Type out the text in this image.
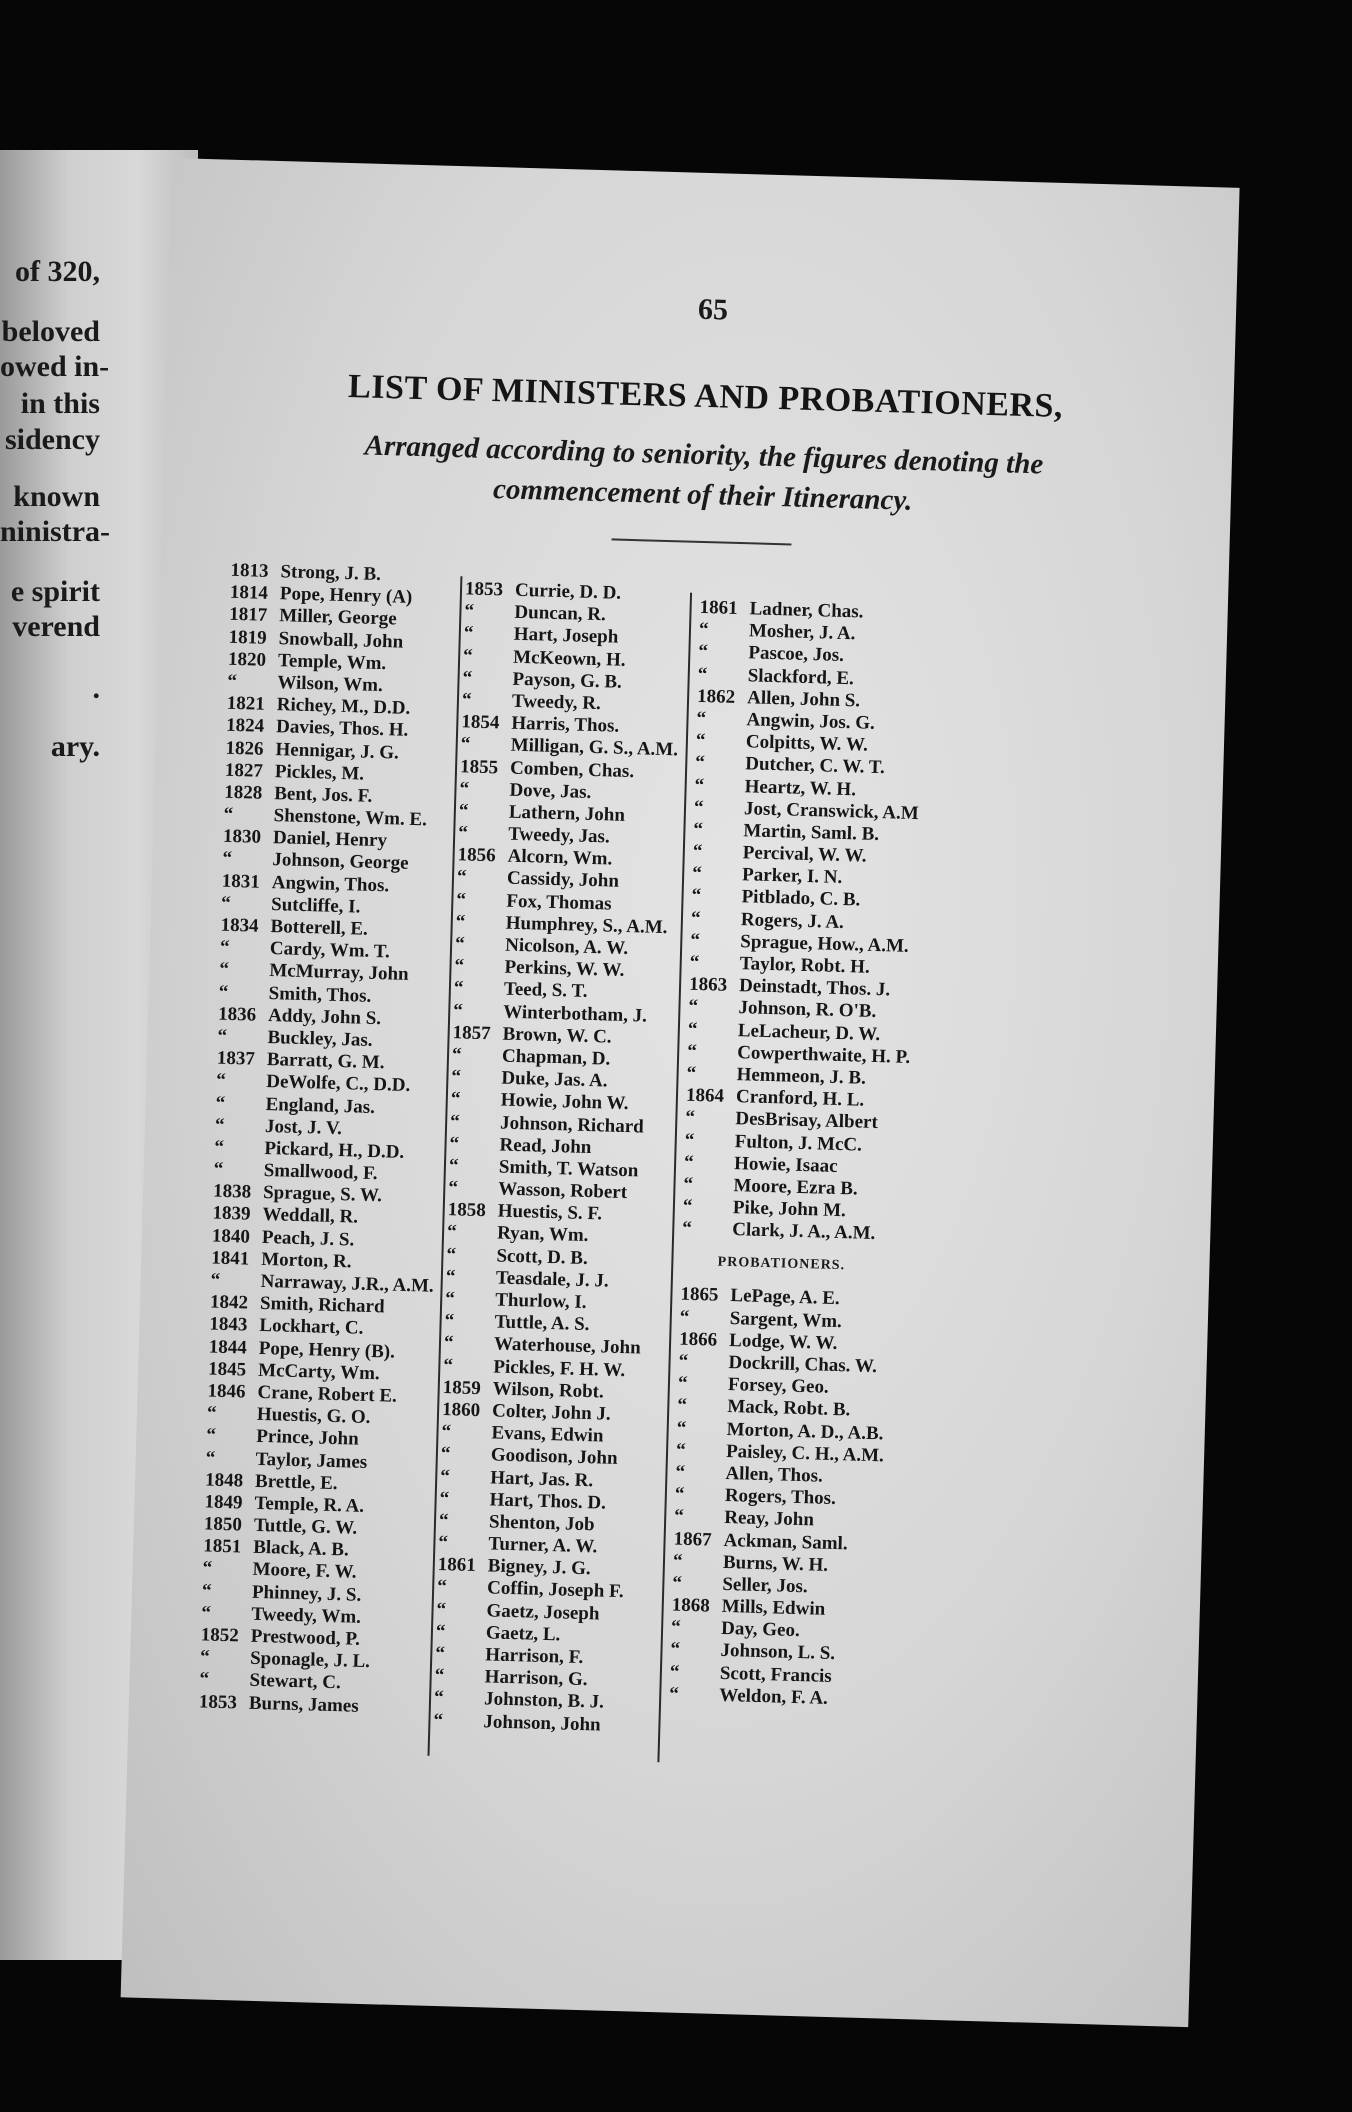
of 320,
beloved
owed in-
in this
sidency
known
ninistra-
e spirit
verend
.
ary.
65
LIST OF MINISTERS AND PROBATIONERS,
Arranged according to seniority, the figures denoting the
commencement of their Itinerancy.
1813 Strong, J. B.
1814 Pope, Henry (A)
1817 Miller, George
1819 Snowball, John
1820 Temple, Wm.
“ Wilson, Wm.
1821 Richey, M., D.D.
1824 Davies, Thos. H.
1826 Hennigar, J. G.
1827 Pickles, M.
1828 Bent, Jos. F.
“ Shenstone, Wm. E.
1830 Daniel, Henry
“ Johnson, George
1831 Angwin, Thos.
“ Sutcliffe, I.
1834 Botterell, E.
“ Cardy, Wm. T.
“ McMurray, John
“ Smith, Thos.
1836 Addy, John S.
“ Buckley, Jas.
1837 Barratt, G. M.
“ DeWolfe, C., D.D.
“ England, Jas.
“ Jost, J. V.
“ Pickard, H., D.D.
“ Smallwood, F.
1838 Sprague, S. W.
1839 Weddall, R.
1840 Peach, J. S.
1841 Morton, R.
“ Narraway, J.R., A.M.
1842 Smith, Richard
1843 Lockhart, C.
1844 Pope, Henry (B).
1845 McCarty, Wm.
1846 Crane, Robert E.
“ Huestis, G. O.
“ Prince, John
“ Taylor, James
1848 Brettle, E.
1849 Temple, R. A.
1850 Tuttle, G. W.
1851 Black, A. B.
“ Moore, F. W.
“ Phinney, J. S.
“ Tweedy, Wm.
1852 Prestwood, P.
“ Sponagle, J. L.
“ Stewart, C.
1853 Burns, James
1853 Currie, D. D.
“ Duncan, R.
“ Hart, Joseph
“ McKeown, H.
“ Payson, G. B.
“ Tweedy, R.
1854 Harris, Thos.
“ Milligan, G. S., A.M.
1855 Comben, Chas.
“ Dove, Jas.
“ Lathern, John
“ Tweedy, Jas.
1856 Alcorn, Wm.
“ Cassidy, John
“ Fox, Thomas
“ Humphrey, S., A.M.
“ Nicolson, A. W.
“ Perkins, W. W.
“ Teed, S. T.
“ Winterbotham, J.
1857 Brown, W. C.
“ Chapman, D.
“ Duke, Jas. A.
“ Howie, John W.
“ Johnson, Richard
“ Read, John
“ Smith, T. Watson
“ Wasson, Robert
1858 Huestis, S. F.
“ Ryan, Wm.
“ Scott, D. B.
“ Teasdale, J. J.
“ Thurlow, I.
“ Tuttle, A. S.
“ Waterhouse, John
“ Pickles, F. H. W.
1859 Wilson, Robt.
1860 Colter, John J.
“ Evans, Edwin
“ Goodison, John
“ Hart, Jas. R.
“ Hart, Thos. D.
“ Shenton, Job
“ Turner, A. W.
1861 Bigney, J. G.
“ Coffin, Joseph F.
“ Gaetz, Joseph
“ Gaetz, L.
“ Harrison, F.
“ Harrison, G.
“ Johnston, B. J.
“ Johnson, John
1861 Ladner, Chas.
“ Mosher, J. A.
“ Pascoe, Jos.
“ Slackford, E.
1862 Allen, John S.
“ Angwin, Jos. G.
“ Colpitts, W. W.
“ Dutcher, C. W. T.
“ Heartz, W. H.
“ Jost, Cranswick, A.M
“ Martin, Saml. B.
“ Percival, W. W.
“ Parker, I. N.
“ Pitblado, C. B.
“ Rogers, J. A.
“ Sprague, How., A.M.
“ Taylor, Robt. H.
1863 Deinstadt, Thos. J.
“ Johnson, R. O'B.
“ LeLacheur, D. W.
“ Cowperthwaite, H. P.
“ Hemmeon, J. B.
1864 Cranford, H. L.
“ DesBrisay, Albert
“ Fulton, J. McC.
“ Howie, Isaac
“ Moore, Ezra B.
“ Pike, John M.
“ Clark, J. A., A.M.
PROBATIONERS.
1865 LePage, A. E.
“ Sargent, Wm.
1866 Lodge, W. W.
“ Dockrill, Chas. W.
“ Forsey, Geo.
“ Mack, Robt. B.
“ Morton, A. D., A.B.
“ Paisley, C. H., A.M.
“ Allen, Thos.
“ Rogers, Thos.
“ Reay, John
1867 Ackman, Saml.
“ Burns, W. H.
“ Seller, Jos.
1868 Mills, Edwin
“ Day, Geo.
“ Johnson, L. S.
“ Scott, Francis
“ Weldon, F. A.
